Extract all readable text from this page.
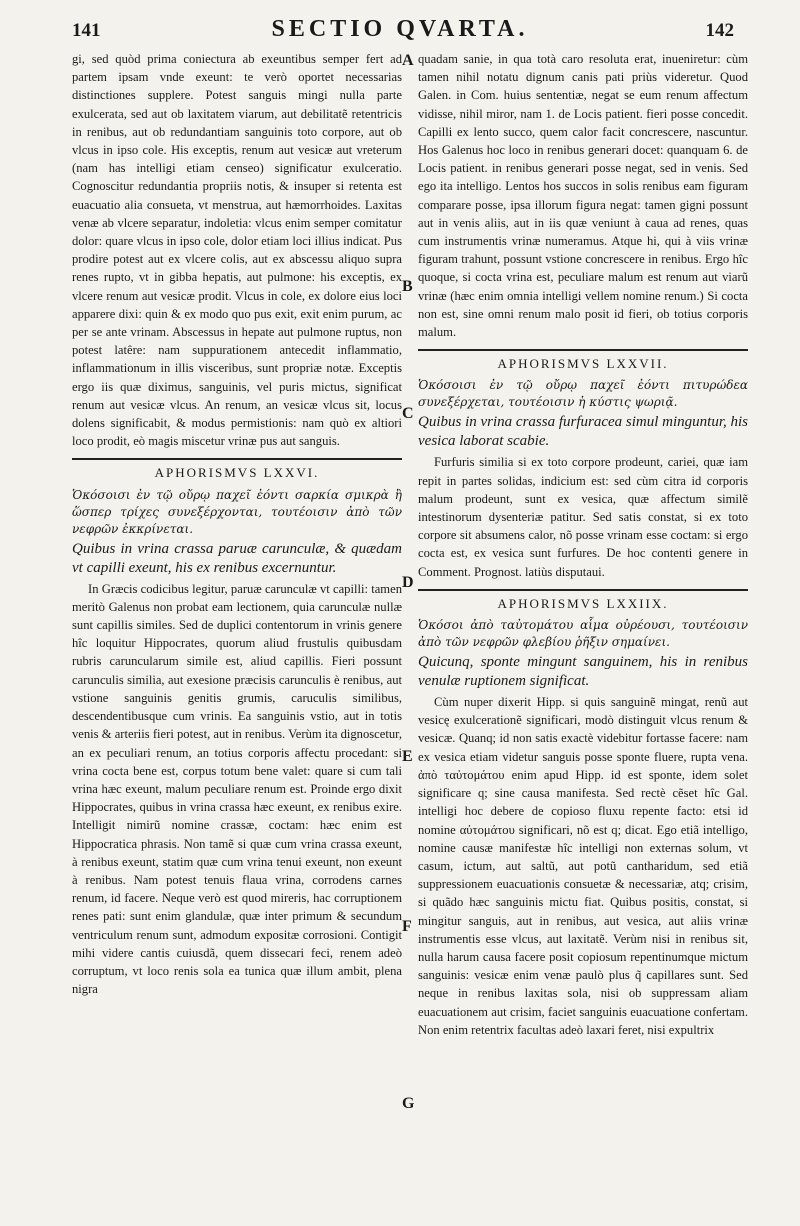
141	SECTIO QVARTA.	142

gi, sed quòd prima coniectura ab exeuntibus semper fert ad partem ipsam vnde exeunt: te verò oportet necessarias distinctiones supplere. Potest sanguis mingi nulla parte exulcerata, sed aut ob laxitatem viarum, aut debilitatẽ retentricis in renibus, aut ob redundantiam sanguinis toto corpore, aut ob vlcus in ipso cole. His exceptis, renum aut vesicæ aut vreterum (nam has intelligi etiam censeo) significatur exulceratio. Cognoscitur redundantia propriis notis, & insuper si retenta est euacuatio alia consueta, vt menstrua, aut hæmorrhoides. Laxitas venæ ab vlcere separatur, indoletia: vlcus enim semper comitatur dolor: quare vlcus in ipso cole, dolor etiam loci illius indicat. Pus prodire potest aut ex vlcere colis, aut ex abscessu aliquo supra renes rupto, vt in gibba hepatis, aut pulmone: his exceptis, ex vlcere renum aut vesicæ prodit. Vlcus in cole, ex dolore eius loci apparere dixi: quin & ex modo quo pus exit, exit enim purum, ac per se ante vrinam. Abscessus in hepate aut pulmone ruptus, non potest latêre: nam suppurationem antecedit inflammatio, inflammationum in illis visceribus, sunt propriæ notæ. Exceptis ergo iis quæ diximus, sanguinis, vel puris mictus, significat renum aut vesicæ vlcus. An renum, an vesicæ vlcus sit, locus dolens significabit, & modus permistionis: nam quò ex altiori loco prodit, eò magis miscetur vrinæ pus aut sanguis.

APHORISMVS LXXVI.

Ὁκόσοισι ἐν τῷ οὔρῳ παχεῖ ἐόντι σαρκία σμικρὰ ἢ ὥσπερ τρίχες συνεξέρχονται, τουτέοισιν ἀπὸ τῶν νεφρῶν ἐκκρίνεται.

Quibus in vrina crassa paruæ carunculæ, & quædam vt capilli exeunt, his ex renibus excernuntur.

In Græcis codicibus legitur, paruæ carunculæ vt capilli: tamen meritò Galenus non probat eam lectionem, quia carunculæ nullæ sunt capillis similes. Sed de duplici contentorum in vrinis genere hîc loquitur Hippocrates, quorum aliud frustulis quibusdam rubris caruncularum simile est, aliud capillis. Fieri possunt carunculis similia, aut exesione præcisis carunculis è renibus, aut vstione sanguinis genitis grumis, caruculis similibus, descendentibusque cum vrinis. Ea sanguinis vstio, aut in totis venis & arteriis fieri potest, aut in renibus. Verùm ita dignoscetur, an ex peculiari renum, an totius corporis affectu procedant: si vrina cocta bene est, corpus totum bene valet: quare si cum tali vrina hæc exeunt, malum peculiare renum est. Proinde ergo dixit Hippocrates, quibus in vrina crassa hæc exeunt, ex renibus exire. Intelligit nimirũ nomine crassæ, coctam: hæc enim est Hippocratica phrasis. Non tamẽ si quæ cum vrina crassa exeunt, à renibus exeunt, statim quæ cum vrina tenui exeunt, non exeunt à renibus. Nam potest tenuis flaua vrina, corrodens carnes renum, id facere. Neque verò est quod mireris, hac corruptionem renes pati: sunt enim glandulæ, quæ inter primum & secundum ventriculum renum sunt, admodum expositæ corrosioni. Contigit mihi videre cantis cuiusdã, quem dissecari feci, renem adeò corruptum, vt loco renis sola ea tunica quæ illum ambit, plena nigra

A
B
C
D
E
F
G

quadam sanie, in qua totà caro resoluta erat, inueniretur: cùm tamen nihil notatu dignum canis pati priùs videretur. Quod Galen. in Com. huius sententiæ, negat se eum renum affectum vidisse, nihil miror, nam 1. de Locis patient. fieri posse concedit. Capilli ex lento succo, quem calor facit concrescere, nascuntur. Hos Galenus hoc loco in renibus generari docet: quanquam 6. de Locis patient. in renibus generari posse negat, sed in venis. Sed ego ita intelligo. Lentos hos succos in solis renibus eam figuram comparare posse, ipsa illorum figura negat: tamen gigni possunt aut in venis aliis, aut in iis quæ veniunt à caua ad renes, quas cum instrumentis vrinæ numeramus. Atque hi, qui à viis vrinæ figuram trahunt, possunt vstione concrescere in renibus. Ergo hîc quoque, si cocta vrina est, peculiare malum est renum aut viarũ vrinæ (hæc enim omnia intelligi vellem nomine renum.) Si cocta non est, sine omni renum malo posit id fieri, ob totius corporis malum.

APHORISMVS LXXVII.

Ὁκόσοισι ἐν τῷ οὔρῳ παχεῖ ἐόντι πιτυρώδεα συνεξέρχεται, τουτέοισιν ἡ κύστις ψωριᾷ.

Quibus in vrina crassa furfuracea simul minguntur, his vesica laborat scabie.

Furfuris similia si ex toto corpore prodeunt, cariei, quæ iam repit in partes solidas, indicium est: sed cùm citra id corporis malum prodeunt, sunt ex vesica, quæ affectum similẽ intestinorum dysenteriæ patitur. Sed satis constat, si ex toto corpore sit absumens calor, nõ posse vrinam esse coctam: si ergo cocta est, ex vesica sunt furfures. De hoc contenti genere in Comment. Prognost. latiùs disputaui.

APHORISMVS LXXIIX.

Ὁκόσοι ἀπὸ ταὐτομάτου αἷμα οὐρέουσι, τουτέοισιν ἀπὸ τῶν νεφρῶν φλεβίου ῥῆξιν σημαίνει.

Quicunq, sponte mingunt sanguinem, his in renibus venulæ ruptionem significat.

Cùm nuper dixerit Hipp. si quis sanguinẽ mingat, renũ aut vesicę exulcerationẽ significari, modò distinguit vlcus renum & vesicæ. Quanq; id non satis exactè videbitur fortasse facere: nam ex vesica etiam videtur sanguis posse sponte fluere, rupta vena. ἀπὸ ταὐτομάτου enim apud Hipp. id est sponte, idem solet significare q; sine causa manifesta. Sed rectè cẽset hîc Gal. intelligi hoc debere de copioso fluxu repente facto: etsi id nomine αὐτομάτου significari, nõ est q; dicat. Ego etiã intelligo, nomine causæ manifestæ hîc intelligi non externas solum, vt casum, ictum, aut saltũ, aut potũ cantharidum, sed etiã suppressionem euacuationis consuetæ & necessariæ, atq; crisim, si quãdo hæc sanguinis mictu fiat. Quibus positis, constat, si mingitur sanguis, aut in renibus, aut vesica, aut aliis vrinæ instrumentis esse vlcus, aut laxitatẽ. Verùm nisi in renibus sit, nulla harum causa facere posit copiosum repentinumque mictum sanguinis: vesicæ enim venæ paulò plus q̃ capillares sunt. Sed neque in renibus laxitas sola, nisi ob suppressam aliam euacuationem aut crisim, faciet sanguinis euacuatione confertam. Non enim retentrix facultas adeò laxari feret, nisi expultrix
